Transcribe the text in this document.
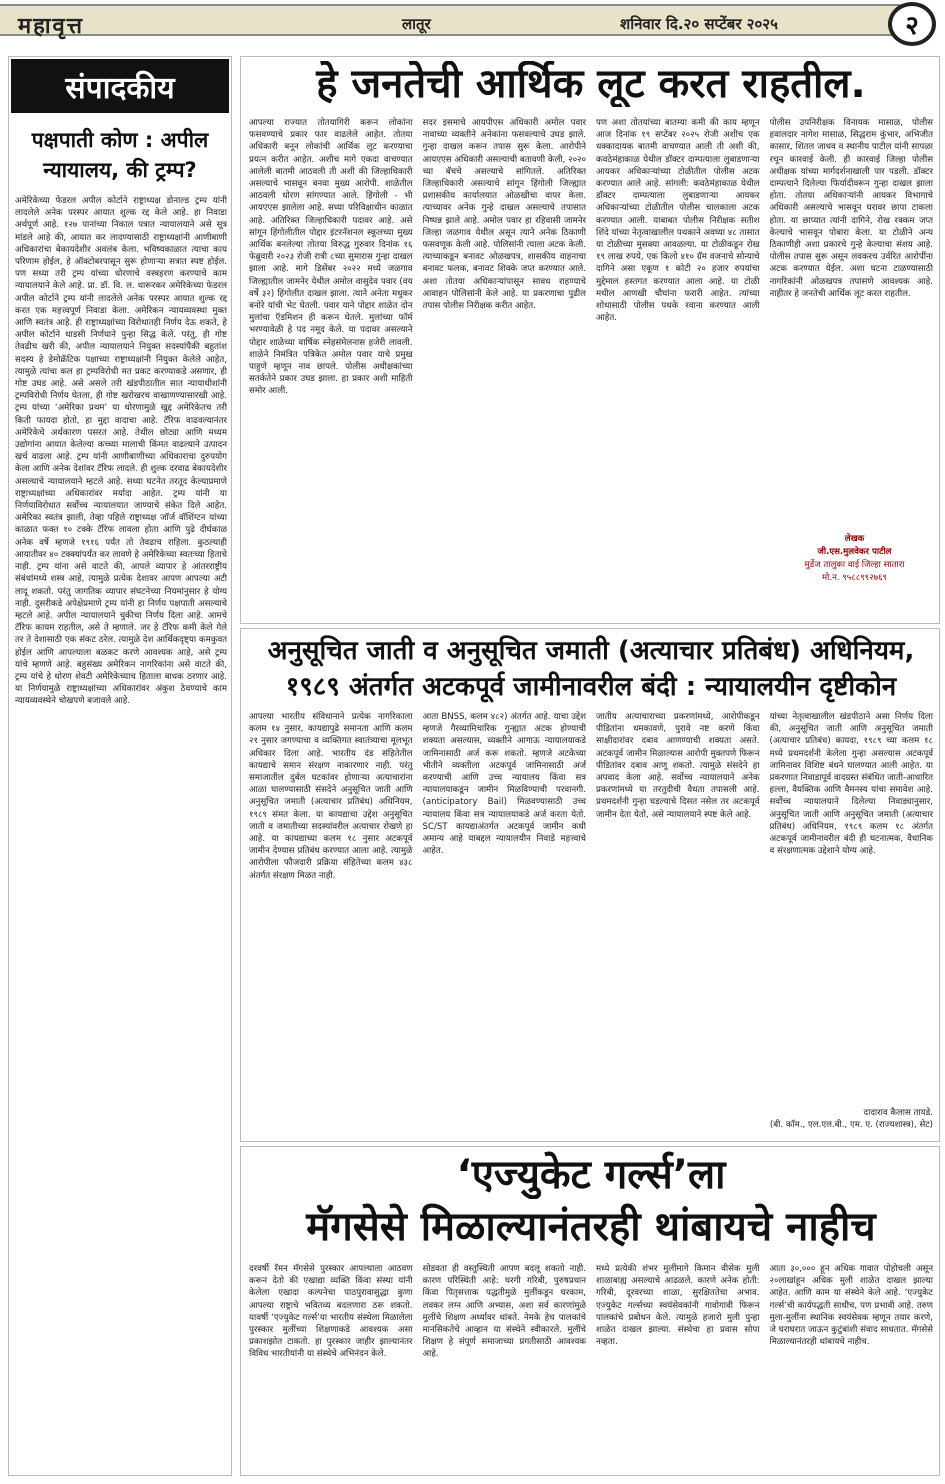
महावृत्त	लातूर	शनिवार दि.२० सप्टेंबर २०२५	२
संपादकीय
पक्षपाती कोण : अपील न्यायालय, की ट्रम्प?
अमेरिकेच्या फेडरल अपील कोर्टाने राष्ट्राध्यक्ष डोनाल्ड ट्रम्प यांनी लादलेले अनेक परस्पर आयात शुल्क रद्द केले आहे. हा निवाडा अर्थपूर्ण आहे. १२७ पानांच्या निकाल पत्रात न्यायालयाने असे सूत्र मांडले आहे की, आयात कर लादण्यासाठी राष्ट्राध्यक्षांनी आणीबाणी अधिकारांचा बेकायदेशीर अवलंब केला. भविष्यकाळात त्याचा काय परिणाम होईल, हे ऑक्टोबरपासून सुरू होणाऱ्या सत्रात स्पष्ट होईल. पण सध्या तरी ट्रम्प यांच्या धोरणाचे वस्त्रहरण करण्याचे काम न्यायालयाने केले आहे. प्रा. डॉ. वि. ल. धारूरकर अमेरिकेच्या फेडरल अपील कोर्टाने ट्रम्प यांनी लादलेले अनेक परस्पर आयात शुल्क रद्द करत एक महत्त्वपूर्ण निवाडा केला. अमेरिकन न्यायव्यवस्था मुक्त आणि स्वतंत्र आहे. ही राष्ट्राध्यक्षांच्या विरोधातही निर्णय देऊ शकते, हे अपील कोर्टाने धाडसी निर्णयाने पुन्हा सिद्ध केले. परंतु, ही गोष्ट तेवढीच खरी की, अपील न्यायालयाने नियुक्त सदस्यांपैकी बहुतांश सदस्य हे डेमोक्रॅटिक पक्षाच्या राष्ट्राध्यक्षांनी नियुक्त केलेले आहेत, त्यामुळे त्यांचा कल हा ट्रम्पविरोधी मत प्रकट करण्याकडे असणार, ही गोष्ट उघड आहे. असे असले तरी खंडपीठातील सात न्यायाधीशांनी ट्रम्पविरोधी निर्णय घेतला, ही गोष्ट खरोखरच वाखाणण्यासारखी आहे. ट्रम्प यांच्या ‘अमेरिका प्रथम’ या धोरणामुळे खुद्द अमेरिकेतच तरी किती फायदा होतो, हा मुद्दा वादाचा आहे. टॅरिफ वाढवल्यानंतर अमेरिकेचे अर्थकारण पसरत आहे. तेथील छोट्या आणि मध्यम उद्योगांना आयात केलेल्या कच्च्या मालाची किंमत वाढल्याने उत्पादन खर्च वाढला आहे. ट्रम्प यांनी आणीबाणीच्या अधिकाराचा दुरुपयोग केला आणि अनेक देशांवर टॅरिफ लादले. ही शुल्क दरवाढ बेकायदेशीर असल्याचे न्यायालयाने म्हटले आहे. सध्या घटनेत तरतूद केल्याप्रमाणे राष्ट्राध्यक्षांच्या अधिकारांवर मर्यादा आहेत. ट्रम्प यांनी या निर्णयाविरोधात सर्वोच्च न्यायालयात जाण्याचे संकेत दिले आहेत. अमेरिका स्वतंत्र झाली, तेव्हा पहिले राष्ट्राध्यक्ष जॉर्ज वॉशिंग्टन यांच्या काळात फक्त १० टक्के टॅरिफ लावला होता आणि पुढे दीर्घकाळ अनेक वर्षे म्हणजे १९१६ पर्यंत तो तेवढाच राहिला. कुठल्याही आयातीवर ४० टक्क्यांपर्यंत कर लावणे हे अमेरिकेच्या स्वतःच्या हिताचे नाही. ट्रम्प यांना असे वाटते की, आपले व्यापार हे आंतरराष्ट्रीय संबंधांमध्ये शस्त्र आहे, त्यामुळे प्रत्येक देशावर आपण आपल्या अटी लादू शकतो. परंतु जागतिक व्यापार संघटनेच्या नियमांनुसार हे योग्य नाही. दुसरीकडे अपेक्षेप्रमाणे ट्रम्प यांनी हा निर्णय पक्षपाती असल्याचे म्हटले आहे. अपील न्यायालयाने चुकीचा निर्णय दिला आहे. आमचे टॅरिफ कायम राहतील, असे ते म्हणाले. जर हे टॅरिफ कमी केले गेले तर ते देशासाठी एक संकट ठरेल. त्यामुळे देश आर्थिकदृष्ट्या कमकुवत होईल आणि आपल्याला बळकट करणे आवश्यक आहे, असे ट्रम्प यांचे म्हणणे आहे. बहुसंख्य अमेरिकन नागरिकांना असे वाटते की, ट्रम्प यांचे हे धोरण शेवटी अमेरिकेच्याच हिताला बाधक ठरणार आहे. या निर्णयामुळे राष्ट्राध्यक्षांच्या अधिकारांवर अंकुश ठेवण्याचे काम न्यायव्यवस्थेने चोखपणे बजावले आहे.
हे जनतेची आर्थिक लूट करत राहतील.
आपल्या राज्यात तोतयागिरी करून लोकांना फसवण्याचे प्रकार फार वाढलेले आहेत. तोतया अधिकारी बनून लोकांची आर्थिक लूट करण्याचा प्रयत्न करीत आहेत. अशीच मागे एकदा वाचण्यात आलेली बातमी आठवली ती अशी की जिल्हाधिकारी असल्याचे भासवून बनवा मुख्य आरोपी. शाळेतील आठवली धोरण सांगण्यात आले. हिंगोली - भी आयएएस झालेला आहे. सध्या परिविक्षाधीन काळात आहे. अतिरिक्त जिल्हाधिकारी पदावर आहे. असे सांगून हिंगोलीतील पोद्दार इंटरनॅशनल स्कूलच्या मुख्य आर्थिक बनलेल्या तोतया विरुद्ध गुरुवार दिनांक १६ फेब्रुवारी २०२३ रोजी रात्री ८च्या सुमारास गुन्हा दाखल झाला आहे. मागे डिसेंबर २०२२ मध्ये जळगाव जिल्ह्यातील जामनेर येथील अमोल वासुदेव पवार (वय वर्षे ३२) हिंगोलीत दाखल झाला. त्याने अनेता मधुकर बनोरे यांची भेट घेतली. पवार याने पोद्दार शाळेत दोन मुलांचा ऍडमिशन ही करून घेतले. मुलांच्या फॉर्म भरण्यावेळी हे पद नमूद केले. या पदावर असल्याने पोद्दार शाळेच्या वार्षिक स्नेहसंमेलनास हजेरी लावली. शाळेने निमंत्रित पत्रिकेत अमोल पवार याचे प्रमुख पाहुणे म्हणून नाव छापले. पोलीस अधीक्षकांच्या सतर्कतेने प्रकार उघड झाला. हा प्रकार अशी माहिती समोर आली.
सदर इसमाचे आयपीएस अधिकारी अमोल पवार नावाच्या व्यक्तीने अनेकांना फसवल्याचे उघड झाले. गुन्हा दाखल करून तपास सुरू केला. आरोपीने आयएएस अधिकारी असल्याची बतावणी केली, २०२० च्या बॅचचे असल्याचे सांगितले. अतिरिक्त जिल्हाधिकारी असल्याचे सांगून हिंगोली जिल्ह्यात प्रशासकीय कार्यालयात ओळखीचा वापर केला. त्याच्यावर अनेक गुन्हे दाखल असल्याचे तपासात निष्पन्न झाले आहे. अमोल पवार हा रहिवासी जामनेर जिल्हा जळगाव येथील असून त्याने अनेक ठिकाणी फसवणूक केली आहे. पोलिसांनी त्याला अटक केली. त्याच्याकडून बनावट ओळखपत्र, शासकीय वाहनाचा बनावट फलक, बनावट शिक्के जप्त करण्यात आले. अशा तोतया अधिकाऱ्यांपासून सावध राहण्याचे आवाहन पोलिसांनी केले आहे. या प्रकरणाचा पुढील तपास पोलीस निरीक्षक करीत आहेत.
पण अशा तोतयांच्या बातम्या कमी की काय म्हणून आज दिनांक १९ सप्टेंबर २०२५ रोजी अशीच एक धक्कादायक बातमी वाचण्यात आली ती अशी की, कवठेमंहाकाळ येथील डॉक्टर दाम्पत्याला लुबाडणाऱ्या आयकर अधिकाऱ्यांच्या टोळीतील पोलीस अटक करण्यात आले आहे. सांगली: कवठेमंहाकाळ येथील डॉक्टर दाम्पत्याला लुबाडणाऱ्या आयकर अधिकाऱ्यांच्या टोळीतील पोलीस चालकाला अटक करण्यात आली. याबाबत पोलीस निरीक्षक सतीश शिंदे यांच्या नेतृत्वाखालील पथकाने अवघ्या ४८ तासात या टोळीच्या मुसक्या आवळल्या. या टोळीकडून रोख १९ लाख रुपये, एक किलो ४१० ग्रॅम वजनाचे सोन्याचे दागिने असा एकूण १ कोटी २० हजार रुपयांचा मुद्देमाल हस्तगत करण्यात आला आहे. या टोळी मधील आणखी चौघांना फरारी आहेत. त्यांच्या शोधासाठी पोलीस पथके रवाना करण्यात आली आहेत.
पोलीस उपनिरीक्षक विनायक मासाळ, पोलीस हवालदार नागेश मासाळ, सिद्धराम कुंभार, अभिजीत कासार, शितल जाधव व स्थानीय पाटील यांनी सापळा रचून कारवाई केली. ही कारवाई जिल्हा पोलीस अधीक्षक यांच्या मार्गदर्शनाखाली पार पडली. डॉक्टर दाम्पत्याने दिलेल्या फिर्यादीवरून गुन्हा दाखल झाला होता. तोतया अधिकाऱ्यांनी आयकर विभागाचे अधिकारी असल्याचे भासवून घरावर छापा टाकला होता. या छाप्यात त्यांनी दागिने, रोख रक्कम जप्त केल्याचे भासवून पोबारा केला. या टोळीने अन्य ठिकाणीही अशा प्रकारचे गुन्हे केल्याचा संशय आहे. पोलीस तपास सुरू असून लवकरच उर्वरित आरोपींना अटक करण्यात येईल. अशा घटना टाळण्यासाठी नागरिकांनी ओळखपत्र तपासणे आवश्यक आहे. नाहीतर हे जनतेची आर्थिक लूट करत राहतील.
लेखक
जी.एस.मुलवेकर पाटील
मुर्डेज तालुका वाई जिल्हा सातारा
मो.न. ९५८८९९२७६९
अनुसूचित जाती व अनुसूचित जमाती (अत्याचार प्रतिबंध) अधिनियम,
१९८९ अंतर्गत अटकपूर्व जामीनावरील बंदी : न्यायालयीन दृष्टीकोन
आपल्या भारतीय संविधानाने प्रत्येक नागरिकाला कलम १४ नुसार, कायद्यापुढे समानता आणि कलम २१ नुसार जगण्याचा व व्यक्तिगत स्वातंत्र्याचा मूलभूत अधिकार दिला आहे. भारतीय दंड संहितेतील कायद्याचे समान संरक्षण नाकारणार नाही. परंतु समाजातील दुर्बल घटकांवर होणाऱ्या अत्याचारांना आळा घालण्यासाठी संसदेने अनुसूचित जाती आणि अनुसूचित जमाती (अत्याचार प्रतिबंध) अधिनियम, १९८९ संमत केला. या कायद्याचा उद्देश अनुसूचित जाती व जमातीच्या सदस्यांवरील अत्याचार रोखणे हा आहे. या कायद्याच्या कलम १८ नुसार अटकपूर्व जामीन देण्यास प्रतिबंध करण्यात आला आहे. त्यामुळे आरोपीला फौजदारी प्रक्रिया संहितेच्या कलम ४३८ अंतर्गत संरक्षण मिळत नाही.
आता BNSS, कलम ४८२) अंतर्गत आहे. याचा उद्देश म्हणजे गैरव्यामिचारिक गुन्ह्यात अटक होण्याची शक्यता असल्यास, व्यक्तीने आगाऊ न्यायालयाकडे जामिनासाठी अर्ज करू शकतो. म्हणजे अटकेच्या भीतीने व्यक्तीला अटकपूर्व जामिनासाठी अर्ज करण्याची आणि उच्च न्यायालय किंवा सत्र न्यायालयाकडून जामीन मिळविण्याची परवानगी. (anticipatory Bail) मिळवण्यासाठी उच्च न्यायालय किंवा सत्र न्यायालयाकडे अर्ज करता येतो. SC/ST कायद्याअंतर्गत अटकपूर्व जामीन कधी अमान्य आहे याबद्दल न्यायालयीन निवाडे महत्त्वाचे आहेत.
जातीय अत्याचाराच्या प्रकरणांमध्ये, आरोपीकडून पीडितांना धमकावणे, पुरावे नष्ट करणे किंवा साक्षीदारांवर दबाव आणण्याची शक्यता असते. अटकपूर्व जामीन मिळाल्यास आरोपी मुक्तपणे फिरून पीडितांवर दबाव आणू शकतो. त्यामुळे संसदेने हा अपवाद केला आहे. सर्वोच्च न्यायालयाने अनेक प्रकरणांमध्ये या तरतुदीची वैधता तपासली आहे. प्रथमदर्शनी गुन्हा घडल्याचे दिसत नसेल तर अटकपूर्व जामीन देता येतो, असे न्यायालयाने स्पष्ट केले आहे.
यांच्या नेतृत्वाखालील खंडपीठाने असा निर्णय दिला की, अनुसूचित जाती आणि अनुसूचित जमाती (अत्याचार प्रतिबंध) कायदा, १९८९ च्या कलम १८ मध्ये प्रथमदर्शनी केलेला गुन्हा असल्यास अटकपूर्व जामिनावर विशिष्ट बंधने घालण्यात आली आहेत. या प्रकरणात निवाडापूर्व वादग्रस्त संबंधित जाती-आधारित हल्ला, वैयक्तिक आणि वैमनस्य यांचा समावेश आहे. सर्वोच्च न्यायालयाने दिलेल्या निवाड्यानुसार, अनुसूचित जाती आणि अनुसूचित जमाती (अत्याचार प्रतिबंध) अधिनियम, १९८९ कलम १८ अंतर्गत अटकपूर्व जामीनावरील बंदी ही घटनात्मक, वैधानिक व संरक्षणात्मक उद्देशाने योग्य आहे.
दादाराव कैलास तायडे.
(बी. कॉम., एल.एल.बी., एम. ए. (राज्यशास्त्र), सेट)
‘एज्युकेट गर्ल्स’ला
मॅगसेसे मिळाल्यानंतरही थांबायचे नाहीच
दरवर्षी रॅमन मॅगसेसे पुरस्कार आपल्याला आठवण करून देतो की एखाद्या व्यक्ति किंवा संस्था यांनी केलेला एखादा कल्पनेचा पाठपुरावासुद्धा कुणा आपल्या राष्ट्राचे भवितव्य बदलणारा ठरू शकतो. यावर्षी ‘एज्युकेट गर्ल्स’या भारतीय संस्थेला मिळालेला पुरस्कार मुलींच्या शिक्षणाकडे आवश्यक असा प्रकाशझोत टाकतो. हा पुरस्कार जाहीर झाल्यानंतर विविध भारतीयांनी या संस्थेचे अभिनंदन केले.
सोडवता ही वस्तुस्थिती आपण बदलू शकतो नाही. कारण परिस्थिती आहे: घरगी गरिबी, पुरुषप्रधान किंवा पितृसत्ताक पद्धतीमुळे मुलींकडून घरकाम, लवकर लग्न आणि अभ्यास, अशा सर्व कारणांमुळे मुलींचे शिक्षण अर्ध्यावर थांबते. नेमके हेच पालकांचे मानसिकतेचे आव्हान या संस्थेने स्वीकारले. मुलींचे शिक्षण हे संपूर्ण समाजाच्या प्रगतीसाठी आवश्यक आहे.
मध्ये प्रत्येकी शंभर मुलींमागे किमान वीसेक मुली शाळाबाह्य असल्याचे आढळले. कारणे अनेक होती: गरिबी, दूरवरच्या शाळा, सुरक्षिततेचा अभाव. एज्युकेट गर्ल्सच्या स्वयंसेवकांनी गावोगावी फिरून पालकांचे प्रबोधन केले. त्यामुळे हजारो मुली पुन्हा शाळेत दाखल झाल्या. संस्थेचा हा प्रवास सोपा नव्हता.
आता ३०,००० हून अधिक गावात पोहोचली असून २०लाखांहून अधिक मुली शाळेत दाखल झाल्या आहेत. आणि काम या संस्थेने केले आहे. ‘एज्युकेट गर्ल्स’ची कार्यपद्धती साधीच, पण प्रभावी आहे. तरुण मुला-मुलींना स्थानिक स्वयंसेवक म्हणून तयार करणे, जे घराघरात जाऊन कुटुंबांशी संवाद साधतात. मॅगसेसे मिळाल्यानंतरही थांबायचे नाहीच.
